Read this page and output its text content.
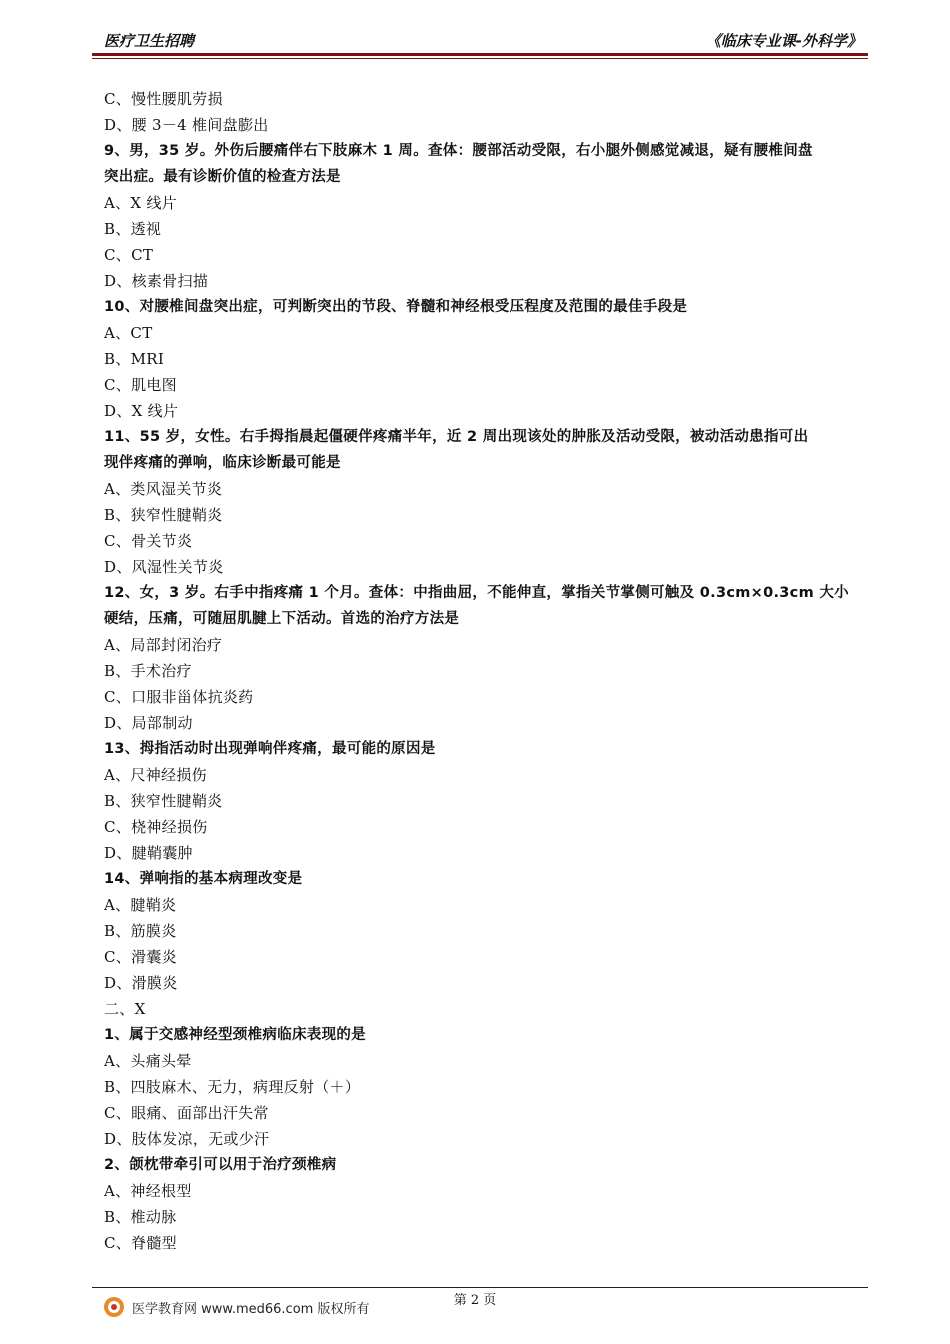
医疗卫生招聘	《临床专业课-外科学》
C、慢性腰肌劳损
D、腰 3－4 椎间盘膨出
9、男，35 岁。外伤后腰痛伴右下肢麻木 1 周。查体：腰部活动受限，右小腿外侧感觉减退，疑有腰椎间盘
突出症。最有诊断价值的检查方法是
A、X 线片
B、透视
C、CT
D、核素骨扫描
10、对腰椎间盘突出症，可判断突出的节段、脊髓和神经根受压程度及范围的最佳手段是
A、CT
B、MRI
C、肌电图
D、X 线片
11、55 岁，女性。右手拇指晨起僵硬伴疼痛半年，近 2 周出现该处的肿胀及活动受限，被动活动患指可出
现伴疼痛的弹响，临床诊断最可能是
A、类风湿关节炎
B、狭窄性腱鞘炎
C、骨关节炎
D、风湿性关节炎
12、女，3 岁。右手中指疼痛 1 个月。查体：中指曲屈，不能伸直，掌指关节掌侧可触及 0.3cm×0.3cm 大小
硬结，压痛，可随屈肌腱上下活动。首选的治疗方法是
A、局部封闭治疗
B、手术治疗
C、口服非甾体抗炎药
D、局部制动
13、拇指活动时出现弹响伴疼痛，最可能的原因是
A、尺神经损伤
B、狭窄性腱鞘炎
C、桡神经损伤
D、腱鞘囊肿
14、弹响指的基本病理改变是
A、腱鞘炎
B、筋膜炎
C、滑囊炎
D、滑膜炎
二、X
1、属于交感神经型颈椎病临床表现的是
A、头痛头晕
B、四肢麻木、无力，病理反射（＋）
C、眼痛、面部出汗失常
D、肢体发凉，无或少汗
2、颌枕带牵引可以用于治疗颈椎病
A、神经根型
B、椎动脉
C、脊髓型
第 2 页
医学教育网 www.med66.com 版权所有
